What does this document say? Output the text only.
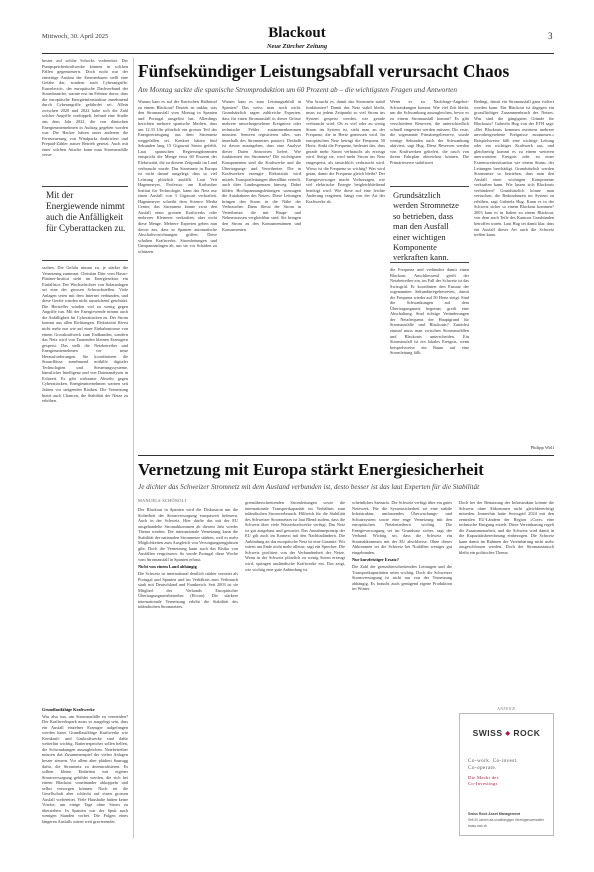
Mittwoch, 30. April 2025	Blackout
Neue Zürcher Zeitung
3

besser auf solche Schocks vorbereitet. Der Pumpspeicherkraftwerke können in solchen Fällen gegensteuern. Doch nicht nur der einseitige Ausbau der Erneuerbaren stellt eine Gefahr dar, sondern auch Cyberangriffe. Euroelectric, der europäische Dachverband der Strombranche, warnte erst im Februar davor, dass die europäische Energieinfrastruktur zunehmend durch Cyberangriffe gefährdet sei. Allein zwischen 2020 und 2022 habe sich die Zahl solcher Angriffe verdoppelt, befand eine Studie aus dem Jahr 2022, die von dänischen Energieunternehmen in Auftrag gegeben worden war. Die Hacker hätten unter anderem die Fernsteuerung von Windparks deaktiviert und Prepaid-Zähler ausser Betrieb gesetzt. Auch mit einer solchen Attacke kann man Stromausfälle verur-

Mit der Energiewende nimmt auch die Anfälligkeit für Cyberattacken zu.

sachen. Die Gefahr nimmt zu, je stärker die Vernetzung zunimmt. Christian Dürr vom Hasso-Plattner-Institut sieht im Energiesektor ein Einfallstor. Der Wechselrichter von Solaranlagen sei eine der grossen Schwachstellen. Viele Anlagen seien mit dem Internet verbunden, und diese Geräte würden nicht ausreichend geschützt. Die Hersteller würden viel zu wenig gegen Angriffe tun. Mit der Energiewende nimmt auch die Anfälligkeit für Cyberattacken zu. Der Strom kommt aus allen Richtungen. Elektrizität fliesst nicht mehr nur wie auf einer Einbahnstrasse von einem Grosskraftwerk zum Endkunden, sondern das Netz wird von Tausenden kleinen Erzeugern gespeist. Das stellt die Netzbetreiber und Energieunternehmen vor neue Herausforderungen. Sie koordinieren die Stromflüsse zunehmend mithilfe digitaler Technologien und Steuerungssysteme, künstlicher Intelligenz und von Datenanalysen in Echtzeit. Es gibt wirksame Abwehr gegen Cyberattacken. Energieunternehmen warnen seit Jahren vor steigenden Risiken. Die Vernetzung bietet auch Chancen, die Stabilität der Netze zu erhöhen.

Grundlastfähige Kraftwerke

Was also tun, um Stromausfälle zu vermeiden? Der Kraftwerkspark muss so ausgelegt sein, dass ein Ausfall einzelner Erzeuger aufgefangen werden kann. Grundlastfähige Kraftwerke wie Kernkraft- und Gaskraftwerke sind dafür weiterhin wichtig. Batteriespeicher sollen helfen, die Schwankungen auszugleichen. Netzbetreiber müssen das Zusammenspiel der vielen Anlagen besser steuern. Vor allem aber plädiert Saurugg dafür, die Stromnetz zu dezentralisieren. Es sollten kleine Einheiten mit eigener Stromversorgung gebildet werden, die sich bei einem Blackout voneinander abkoppeln und selbst versorgen können. Noch sei die Gesellschaft aber schlecht auf einen grossen Ausfall vorbereitet. Viele Haushalte hätten keine Vorräte, um einige Tage ohne Strom zu überstehen. In Spanien war der Spuk nach wenigen Stunden vorbei. Die Folgen eines längeren Ausfalls wären weit gravierender.

Fünfsekündiger Leistungsabfall verursacht Chaos
Am Montag sackte die spanische Stromproduktion um 60 Prozent ab – die wichtigsten Fragen und Antworten

Warum kam es auf der Iberischen Halbinsel zu einem Blackout? Derzeit ist unklar, was den Stromausfall vom Montag in Spanien und Portugal ausgelöst hat. Allerdings berichten mehrere spanische Medien, dass um 12.33 Uhr plötzlich ein grosser Teil der Energieerzeugung aus dem Stromnetz weggefallen sei. Konkret hätten fünf Sekunden lang 15 Gigawatt Strom gefehlt. Laut spanischen Regierungsbeamten entspricht die Menge etwa 60 Prozent der Elektrizität, die zu diesem Zeitpunkt im Land verbraucht wurde. Das Stromnetz in Europa ist nicht darauf ausgelegt, dass so viel Leistung plötzlich ausfällt. Laut Veit Hagenmeyer, Professor am Karlsruher Institut für Technologie, kann das Netz nur einen Ausfall von 3 Gigawatt verkraften. Hagenmeyer schreibt dem Science Media Center, das Stromnetz könne zwar den Ausfall eines grossen Kraftwerks oder mehrerer Kleinerer verkraften, aber nicht diese Menge. Mehrere Experten gehen nun davon aus, dass in Spanien automatische Abschaltvorrichtungen griffen. Diese schalten Kraftwerke, Stromleitungen und Umspannanlagen ab, um sie vor Schäden zu schützen.

Warum kam es zum Leistungsabfall in Spanien? Das weiss man noch nicht. Grundsätzlich sagen zahlreiche Experten, dass für einen Stromausfall in dieser Grösse mehrere unvorhergesehene Ereignisse oder technische Fehler zusammenkommen müssten. Senoren registrieren alles, was innerhalb des Stromnetzes passiert. Deshalb ist davon auszugehen, dass eine Analyse dieser Daten Antworten liefert. Wie funktioniert ein Stromnetz? Die wichtigsten Komponenten sind die Kraftwerke und die Übertragungs- und Verteilnetze. Die in Kraftwerken erzeugte Elektrizität wird mittels Transportleitungen überallhin verteilt, auch über Landesgrenzen hinweg. Dabei bilden Hochspannungsleitungen sozusagen die Autobahnen des Netzes. Diese Leitungen bringen den Strom in die Nähe der Verbraucher. Dann fliesst der Strom in Verteilnetze, die mit Haupt- und Nebenstrassen vergleichbar sind. Sie bringen den Strom zu den Konsumentinnen und Konsumenten.

Was braucht es, damit das Stromnetz stabil funktioniert? Damit das Netz stabil bleibt, muss zu jedem Zeitpunkt so viel Strom ins System gespeist werden, wie gerade verbraucht wird. Ob es viel oder zu wenig Strom im System ist, sieht man an der Frequenz, die in Hertz gemessen wird. Im europäischen Netz beträgt die Frequenz 50 Hertz. Sinkt die Frequenz, bedeutet das, dass gerade mehr Strom verbraucht als erzeugt wird. Steigt sie, wird mehr Strom ins Netz eingespeist, als tatsächlich verbraucht wird. Wieso ist die Frequenz so wichtig? Was wird getan, damit die Frequenz gleich bleibt? Der Energieversorger macht Vorhersagen, wie viel elektrische Energie beigleichbleibend benötigt wird. Wie diese auf eine leichte Änderung reagieren, hängt von der Art der Kraftwerke ab.

Wenn es zu Nachfrage-Angebot-Schwankungen kommt: Wie viel Zeit bleibt, um die Schwankung auszugleichen, bevor es zu einem Stromausfall kommt? Es gibt verschiedene Reserven, die unterschiedlich schnell eingesetzt werden müssen. Die erste, die sogenannte Primärregelreserve, wurde wenige Sekunden nach der Schwankung aktiviert, sagt Hug. Diese Reserven werden von Kraftwerken geliefert, die rasch von ihrem Fahrplan abweichen können. Die Primärreserve stabilisiert

Grundsätzlich werden Stromnetze so betrieben, dass man den Ausfall einer wichtigen Komponente verkraften kann.

die Frequenz und verhindert damit einen Blackout. Anschliessend greift der Netzbetreiber ein, im Fall der Schweiz ist das Swissgrid. Er koordiniert den Einsatz der sogenannten Sekundärregelreserven, damit die Frequenz wieder auf 50 Hertz steigt. Sind die Schwankungen auf dem Übertragungsnetz begrenzt, greift eine Abschaltung. Sind richtige Veränderungen der Netzfrequenz der Hauptgrund für Stromausfälle und Blackouts? Zunächst einmal muss man zwischen Stromausfällen und Blackouts unterscheiden. Ein Stromausfall ist ein lokales Ereignis, wenn beispielsweise ein Baum auf eine Stromleitung fällt.

Bedingt, damit ein Stromausfall ganz isoliert werden kann. Ein Blackout ist dagegen ein grossflächiger Zusammenbruch des Netzes. Was sind die gängigsten Gründe für Blackouts? Gabriela Hug von der ETH sagt: «Bei Blackouts kommen meistens mehrere unvorhergesehene Ereignisse zusammen.» Beispielsweise fällt eine wichtige Leitung oder ein wichtiges Kraftwerk aus, und gleichzeitig kommt es zu einem weiteren unerwarteten Ereignis oder zu einer Extremwettersituation wie einem Sturm, der Leitungen beschädigt. Grundsätzlich werden Stromnetze so betrieben, dass man den Ausfall einer wichtigen Komponente verkraften kann. Wie lassen sich Blackouts verhindern? Grundsätzlich könne man versuchen, die Redundanzen im System zu erhöhen, sagt Gabriela Hug. Kann es in der Schweiz sicher so einem Blackout kommen? 2003 kam es in Italien zu einem Blackout, von dem auch Teile des Kantons Graubünden betroffen waren. Laut Hug sei damit klar, dass ein Ausfall dieser Art auch die Schweiz treffen kann.

Philipp Wolf
Vernetzung mit Europa stärkt Energiesicherheit
Je dichter das Schweizer Stromnetz mit dem Ausland verbunden ist, desto besser ist das laut Experten für die Stabilität
MANUELS SCHÖNOLI

Der Blackout in Spanien wird die Diskussion um die Sicherheit der Stromversorgung europaweit befeuern. Auch in der Schweiz. Hier dürfte das mit der EU ausgehandelte Stromabkommen ab diesem Jahr wieder Thema werden. Die internationale Vernetzung kann die Stabilität der nationalen Stromnetze stärken, weil es mehr Möglichkeiten zum Ausgleich von Versorgungsengpässen gibt. Doch die Vernetzung kann auch das Risiko von Ausfällen vergrössern. So wurde Portugal diese Woche vom Stromausfall in Spanien erfasst.

Nicht von einem Land abhängig

Die Schweiz ist international deutlich stärker vernetzt als Portugal und Spanien und im Verhältnis zum Verbrauch stark mit Deutschland und Frankreich. Seit 2003 ist sie Mitglied des Verbands Europäischer Übertragungsnetzbetreiber (Elcom). Die stärkere internationale Vernetzung erhöht die Stabilität des inländischen Stromnetzes.

grenzüberschreitenden Stromleitungen sowie die internationale Transportkapazität im Verhältnis zum inländischen Stromverbrauch. Hilfreich für die Stabilität des Schweizer Stromnetzes ist laut Blend zudem, dass die Schweiz über viele Wasserkraftwerke verfügt. Das Netz ist gut ausgebaut und gewartet. Das Annahmeprinzip der EU gilt auch im Kontext mit den Nachbarländern. Die Anbindung an das europäische Netz ist eine Garantie. Wir wären am Ende nicht mehr alleine, sagt ein Sprecher. Die Schweiz profitiert von der Verbundenheit der Netze. Wenn in der Schweiz plötzlich zu wenig Strom erzeugt wird, springen ausländische Kraftwerke ein. Das zeigt, wie wichtig eine gute Anbindung ist.

scheinliches Szenario. Die Schweiz verfügt über ein gutes Netzwerk. Für die Systemsicherheit sei eine stabile Infrastruktur, umfassendes Überwachungs- und Schutzsystem sowie eine enge Vernetzung mit den europäischen Netzbetreibern wichtig. Die Energieversorgung sei im Grundsatz sicher, sagt der Verband. Wichtig sei, dass die Schweiz ein Stromabkommen mit der EU abschliesse. Ohne dieses Abkommen sei die Schweiz bei Notfällen weniger gut eingebunden.

Nur kurzfristiger Ersatz?

Die Zahl der grenzüberschreitenden Leitungen und die Transportkapazitäten seien wichtig. Doch die Schweizer Stromversorgung ist nicht nur von der Vernetzung abhängig. Es braucht auch genügend eigene Produktion im Winter.

Doch bei der Benutzung der Infrastruktur könnte die Schweiz ohne Abkommen nicht gleichberechtigt mitreden. Immerhin hatte Swissgrid 2024 mit den zentralen EU-Ländern der Region «Core» eine technische Einigung erzielt. Diese Vereinbarung regelt die Zusammenarbeit, und die Schweiz wird damit in die Kapazitätsberechnung einbezogen. Die Schweiz kann damit im Rahmen der Vereinbarung nicht mehr ausgeschlossen werden. Doch der Stromaustausch bleibt ein politisches Thema.

ANZEIGE
SWISS ◆ ROCK
Co-work. Co-invest.
Co-operate.
Die Macht des
Co-Investings
Swiss Rock Asset Management
Seit 20 Jahren als unabhängiger Vermögensverwalter
swiss-rock.ch
